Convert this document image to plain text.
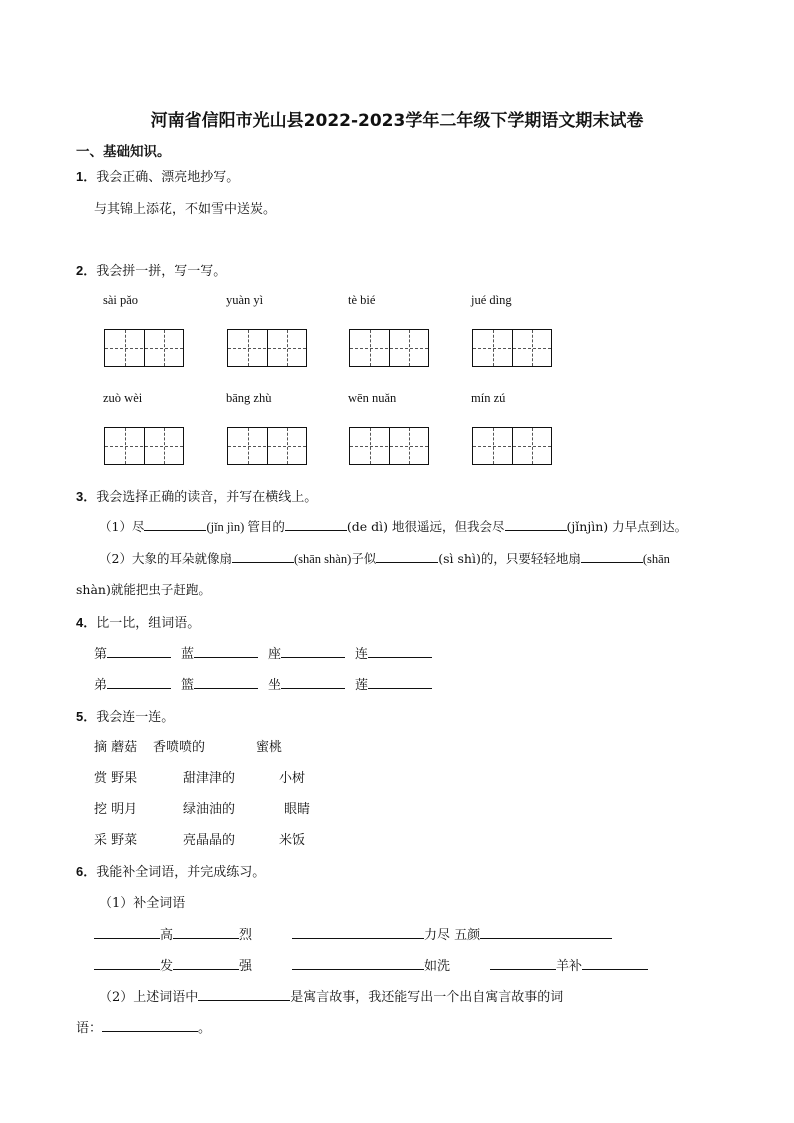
河南省信阳市光山县2022-2023学年二年级下学期语文期末试卷
一、基础知识。
1．我会正确、漂亮地抄写。
与其锦上添花，不如雪中送炭。
2．我会拼一拼，写一写。
sài pǎo	yuàn yì	tè bié	jué dìng
zuò wèi	bāng zhù	wēn nuǎn	mín zú
3．我会选择正确的读音，并写在横线上。
（1）尽	(jǐn jìn) 管目的	(de dì) 地很遥远，但我会尽	(jǐnjìn) 力早点到达。
（2）大象的耳朵就像扇	(shān shàn)子似	(sì shì)的，只要轻轻地扇	(shān
shàn)就能把虫子赶跑。
4．比一比，组词语。
第	蓝	座	连
弟	篮	坐	莲
5．我会连一连。
摘 蘑菇 香喷喷的	蜜桃
赏 野果	甜津津的	小树
挖 明月	绿油油的	眼睛
采 野菜	亮晶晶的	米饭
6．我能补全词语，并完成练习。
（1）补全词语
高	烈	力尽 五颜
发	强	如洗	羊补
（2）上述词语中	是寓言故事，我还能写出一个出自寓言故事的词
语：	。
